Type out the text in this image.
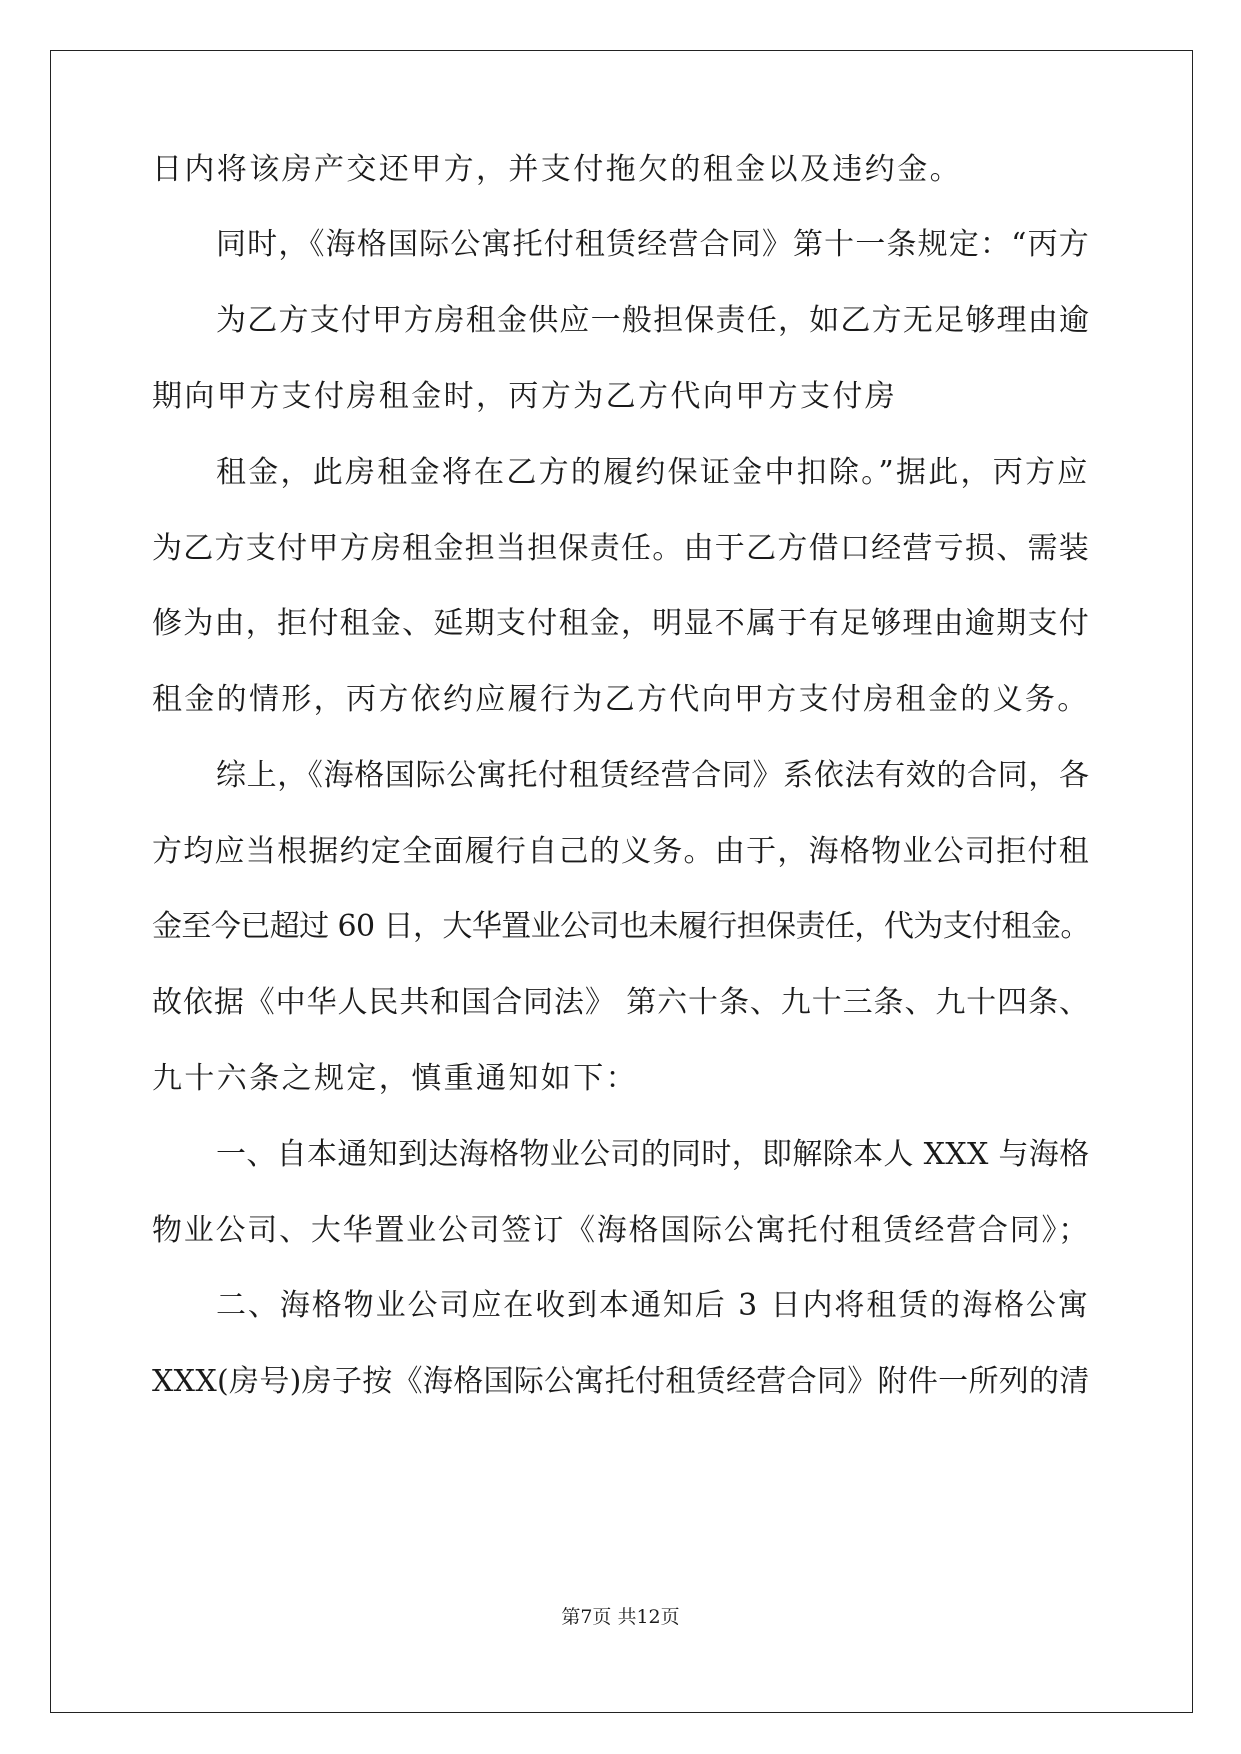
日内将该房产交还甲方，并支付拖欠的租金以及违约金。
同时，《海格国际公寓托付租赁经营合同》第十一条规定：“丙方
为乙方支付甲方房租金供应一般担保责任，如乙方无足够理由逾
期向甲方支付房租金时，丙方为乙方代向甲方支付房
租金，此房租金将在乙方的履约保证金中扣除。”据此，丙方应
为乙方支付甲方房租金担当担保责任。由于乙方借口经营亏损、需装
修为由，拒付租金、延期支付租金，明显不属于有足够理由逾期支付
租金的情形，丙方依约应履行为乙方代向甲方支付房租金的义务。
综上，《海格国际公寓托付租赁经营合同》系依法有效的合同，各
方均应当根据约定全面履行自己的义务。由于，海格物业公司拒付租
金至今已超过 60 日，大华置业公司也未履行担保责任，代为支付租金。
故依据《中华人民共和国合同法》 第六十条、九十三条、九十四条、
九十六条之规定，慎重通知如下：
一、自本通知到达海格物业公司的同时，即解除本人 XXX 与海格
物业公司、大华置业公司签订《海格国际公寓托付租赁经营合同》；
二、海格物业公司应在收到本通知后 3 日内将租赁的海格公寓
XXX(房号)房子按《海格国际公寓托付租赁经营合同》附件一所列的清
第7页 共12页
